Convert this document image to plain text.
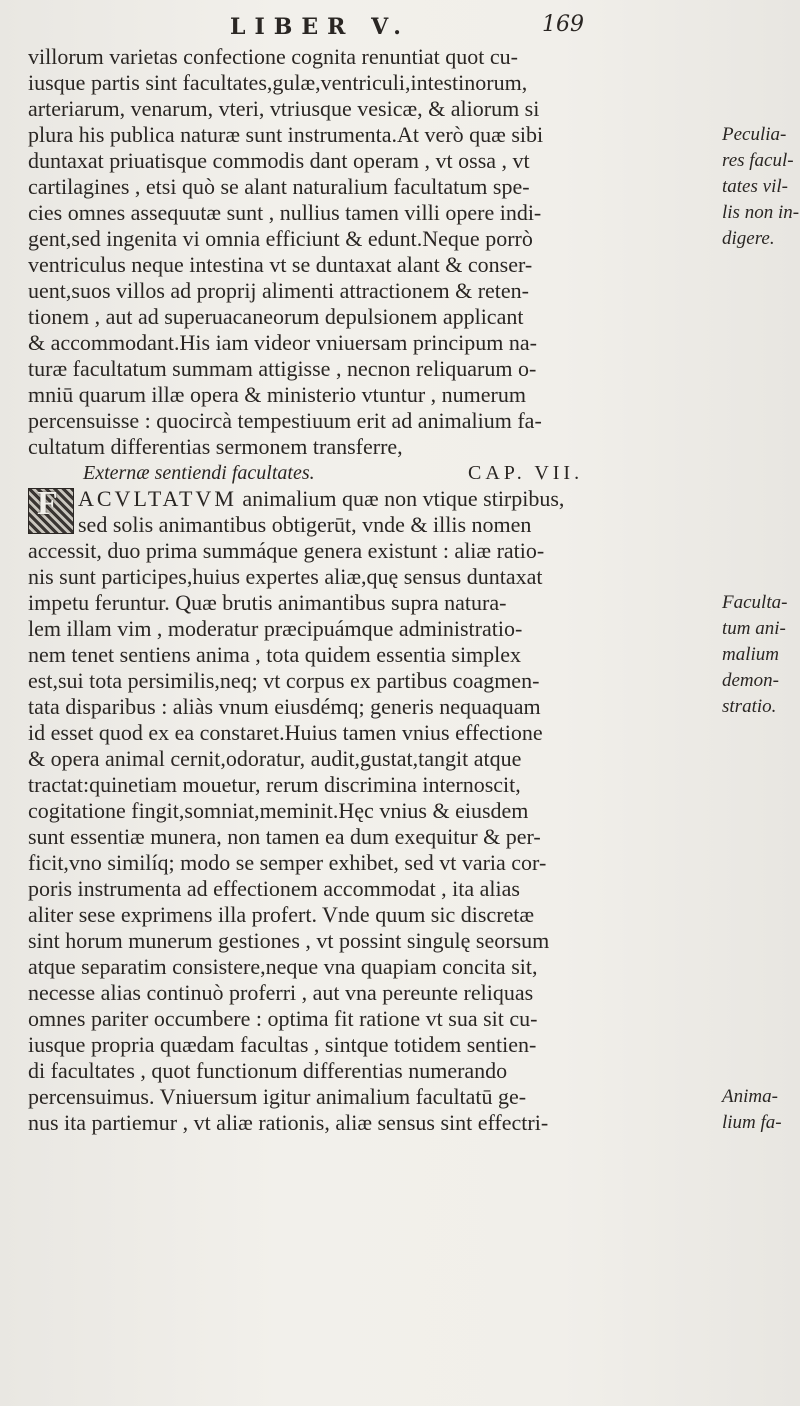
LIBER V.	169
villorum varietas confectione cognita renuntiat quot cu-
iusque partis sint facultates,gulæ,ventriculi,intestinorum,
arteriarum, venarum, vteri, vtriusque vesicæ, & aliorum si
plura his publica naturæ sunt instrumenta.At verò quæ sibi
duntaxat priuatisque commodis dant operam , vt ossa , vt
cartilagines , etsi quò se alant naturalium facultatum spe-
cies omnes assequutæ sunt , nullius tamen villi opere indi-
gent,sed ingenita vi omnia efficiunt & edunt.Neque porrò
ventriculus neque intestina vt se duntaxat alant & conser-
uent,suos villos ad proprij alimenti attractionem & reten-
tionem , aut ad superuacaneorum depulsionem applicant
& accommodant.His iam videor vniuersam principum na-
turæ facultatum summam attigisse , necnon reliquarum o-
mniū quarum illæ opera & ministerio vtuntur , numerum
percensuisse : quocircà tempestiuum erit ad animalium fa-
cultatum differentias sermonem transferre,
Externæ sentiendi facultates.	CAP. VII.
F ACVLTATVM animalium quæ non vtique stirpibus,
sed solis animantibus obtigerūt, vnde & illis nomen
accessit, duo prima summáque genera existunt : aliæ ratio-
nis sunt participes,huius expertes aliæ,quę sensus duntaxat
impetu feruntur. Quæ brutis animantibus supra natura-
lem illam vim , moderatur præcipuámque administratio-
nem tenet sentiens anima , tota quidem essentia simplex
est,sui tota persimilis,neq; vt corpus ex partibus coagmen-
tata disparibus : aliàs vnum eiusdémq; generis nequaquam
id esset quod ex ea constaret.Huius tamen vnius effectione
& opera animal cernit,odoratur, audit,gustat,tangit atque
tractat:quinetiam mouetur, rerum discrimina internoscit,
cogitatione fingit,somniat,meminit.Hęc vnius & eiusdem
sunt essentiæ munera, non tamen ea dum exequitur & per-
ficit,vno similíq; modo se semper exhibet, sed vt varia cor-
poris instrumenta ad effectionem accommodat , ita alias
aliter sese exprimens illa profert. Vnde quum sic discretæ
sint horum munerum gestiones , vt possint singulę seorsum
atque separatim consistere,neque vna quapiam concita sit,
necesse alias continuò proferri , aut vna pereunte reliquas
omnes pariter occumbere : optima fit ratione vt sua sit cu-
iusque propria quædam facultas , sintque totidem sentien-
di facultates , quot functionum differentias numerando
percensuimus. Vniuersum igitur animalium facultatū ge-
nus ita partiemur , vt aliæ rationis, aliæ sensus sint effectri-
Peculia-
res facul-
tates vil-
lis non in-
digere.
Faculta-
tum ani-
malium
demon-
stratio.
Anima-
lium fa-
